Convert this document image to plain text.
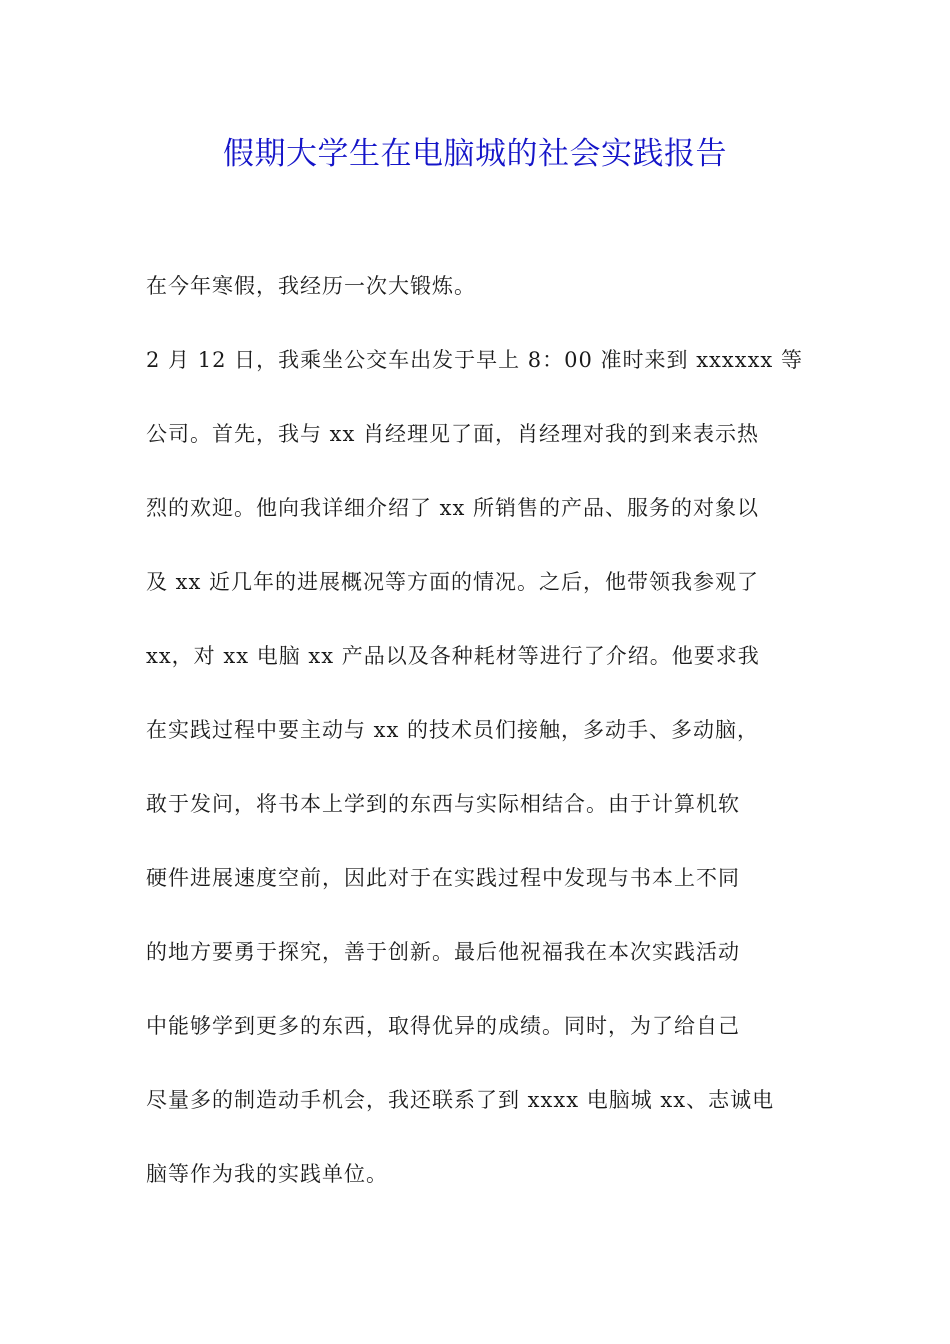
假期大学生在电脑城的社会实践报告
在今年寒假，我经历一次大锻炼。
2 月 12 日，我乘坐公交车出发于早上 8：00 准时来到 xxxxxx 等
公司。首先，我与 xx 肖经理见了面，肖经理对我的到来表示热
烈的欢迎。他向我详细介绍了 xx 所销售的产品、服务的对象以
及 xx 近几年的进展概况等方面的情况。之后，他带领我参观了
xx，对 xx 电脑 xx 产品以及各种耗材等进行了介绍。他要求我
在实践过程中要主动与 xx 的技术员们接触，多动手、多动脑，
敢于发问，将书本上学到的东西与实际相结合。由于计算机软
硬件进展速度空前，因此对于在实践过程中发现与书本上不同
的地方要勇于探究，善于创新。最后他祝福我在本次实践活动
中能够学到更多的东西，取得优异的成绩。同时，为了给自己
尽量多的制造动手机会，我还联系了到 xxxx 电脑城 xx、志诚电
脑等作为我的实践单位。
